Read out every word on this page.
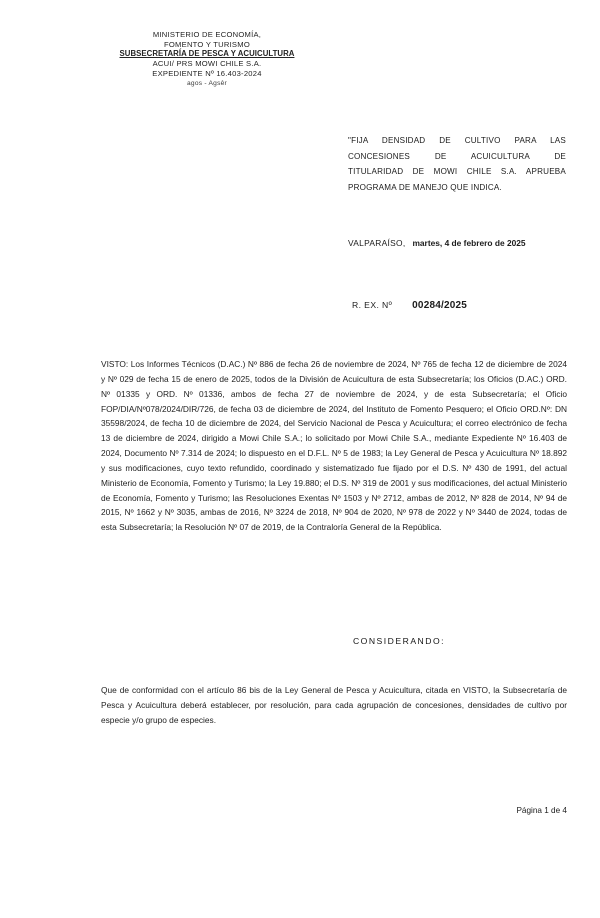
MINISTERIO DE ECONOMÍA,
FOMENTO Y TURISMO
SUBSECRETARÍA DE PESCA Y ACUICULTURA
ACUI/ PRS MOWI CHILE S.A.
EXPEDIENTE Nº 16.403-2024
agos - Agsêr
"FIJA DENSIDAD DE CULTIVO PARA LAS
CONCESIONES DE ACUICULTURA DE
TITULARIDAD DE MOWI CHILE S.A. APRUEBA
PROGRAMA DE MANEJO QUE INDICA.
VALPARAÍSO, martes, 4 de febrero de 2025
R. EX. Nº 00284/2025

VISTO: Los Informes Técnicos (D.AC.) Nº 886 de fecha 26 de noviembre de 2024, Nº 765 de fecha 12 de diciembre de 2024 y Nº 029 de fecha 15 de enero de 2025, todos de la División de Acuicultura de esta Subsecretaría; los Oficios (D.AC.) ORD. Nº 01335 y ORD. Nº 01336, ambos de fecha 27 de noviembre de 2024, y de esta Subsecretaría; el Oficio FOP/DIA/Nº078/2024/DIR/726, de fecha 03 de diciembre de 2024, del Instituto de Fomento Pesquero; el Oficio ORD.Nº: DN 35598/2024, de fecha 10 de diciembre de 2024, del Servicio Nacional de Pesca y Acuicultura; el correo electrónico de fecha 13 de diciembre de 2024, dirigido a Mowi Chile S.A.; lo solicitado por Mowi Chile S.A., mediante Expediente Nº 16.403 de 2024, Documento Nº 7.314 de 2024; lo dispuesto en el D.F.L. Nº 5 de 1983; la Ley General de Pesca y Acuicultura Nº 18.892 y sus modificaciones, cuyo texto refundido, coordinado y sistematizado fue fijado por el D.S. Nº 430 de 1991, del actual Ministerio de Economía, Fomento y Turismo; la Ley 19.880; el D.S. Nº 319 de 2001 y sus modificaciones, del actual Ministerio de Economía, Fomento y Turismo; las Resoluciones Exentas Nº 1503 y Nº 2712, ambas de 2012, Nº 828 de 2014, Nº 94 de 2015, Nº 1662 y Nº 3035, ambas de 2016, Nº 3224 de 2018, Nº 904 de 2020, Nº 978 de 2022 y Nº 3440 de 2024, todas de esta Subsecretaría; la Resolución Nº 07 de 2019, de la Contraloría General de la República.

CONSIDERANDO:

Que de conformidad con el artículo 86 bis de la Ley General de Pesca y Acuicultura, citada en VISTO, la Subsecretaría de Pesca y Acuicultura deberá establecer, por resolución, para cada agrupación de concesiones, densidades de cultivo por especie y/o grupo de especies.

Página 1 de 4
